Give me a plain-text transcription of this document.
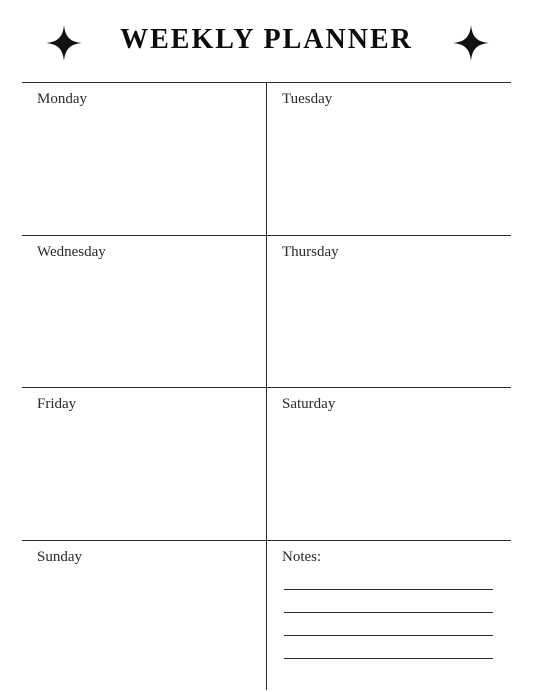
WEEKLY PLANNER
Monday	Tuesday
Wednesday	Thursday
Friday	Saturday
Sunday	Notes:
